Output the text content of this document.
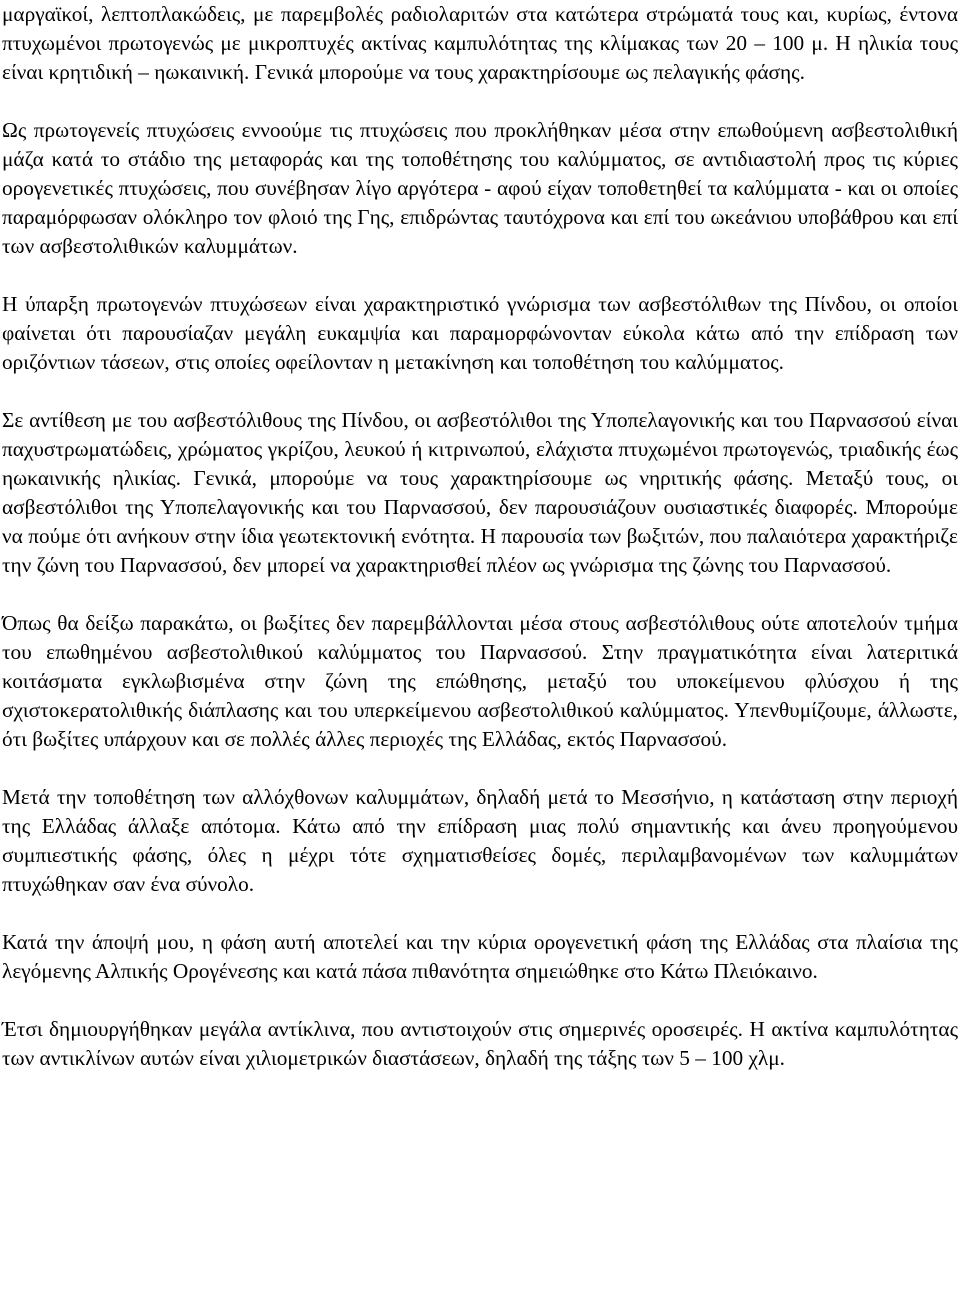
μαργαϊκοί, λεπτοπλακώδεις, με παρεμβολές ραδιολαριτών στα κατώτερα στρώματά τους και, κυρίως, έντονα πτυχωμένοι πρωτογενώς με μικροπτυχές ακτίνας καμπυλότητας της κλίμακας των 20 – 100 μ. Η ηλικία τους είναι κρητιδική – ηωκαινική. Γενικά μπορούμε να τους χαρακτηρίσουμε ως πελαγικής φάσης.

Ως πρωτογενείς πτυχώσεις εννοούμε τις πτυχώσεις που προκλήθηκαν μέσα στην επωθούμενη ασβεστολιθική μάζα κατά το στάδιο της μεταφοράς και της τοποθέτησης του καλύμματος, σε αντιδιαστολή προς τις κύριες ορογενετικές πτυχώσεις, που συνέβησαν λίγο αργότερα - αφού είχαν τοποθετηθεί τα καλύμματα - και οι οποίες παραμόρφωσαν ολόκληρο τον φλοιό της Γης, επιδρώντας ταυτόχρονα και επί του ωκεάνιου υποβάθρου και επί των ασβεστολιθικών καλυμμάτων.

Η ύπαρξη πρωτογενών πτυχώσεων είναι χαρακτηριστικό γνώρισμα των ασβεστόλιθων της Πίνδου, οι οποίοι φαίνεται ότι παρουσίαζαν μεγάλη ευκαμψία και παραμορφώνονταν εύκολα κάτω από την επίδραση των οριζόντιων τάσεων, στις οποίες οφείλονταν η μετακίνηση και τοποθέτηση του καλύμματος.

Σε αντίθεση με του ασβεστόλιθους της Πίνδου, οι ασβεστόλιθοι της Υποπελαγονικής και του Παρνασσού είναι παχυστρωματώδεις, χρώματος γκρίζου, λευκού ή κιτρινωπού, ελάχιστα πτυχωμένοι πρωτογενώς, τριαδικής έως ηωκαινικής ηλικίας. Γενικά, μπορούμε να τους χαρακτηρίσουμε ως νηριτικής φάσης. Μεταξύ τους, οι ασβεστόλιθοι της Υποπελαγονικής και του Παρνασσού, δεν παρουσιάζουν ουσιαστικές διαφορές. Μπορούμε να πούμε ότι ανήκουν στην ίδια γεωτεκτονική ενότητα. Η παρουσία των βωξιτών, που παλαιότερα χαρακτήριζε την ζώνη του Παρνασσού, δεν μπορεί να χαρακτηρισθεί πλέον ως γνώρισμα της ζώνης του Παρνασσού.

Όπως θα δείξω παρακάτω, οι βωξίτες δεν παρεμβάλλονται μέσα στους ασβεστόλιθους ούτε αποτελούν τμήμα του επωθημένου ασβεστολιθικού καλύμματος του Παρνασσού. Στην πραγματικότητα είναι λατεριτικά κοιτάσματα εγκλωβισμένα στην ζώνη της επώθησης, μεταξύ του υποκείμενου φλύσχου ή της σχιστοκερατολιθικής διάπλασης και του υπερκείμενου ασβεστολιθικού καλύμματος. Υπενθυμίζουμε, άλλωστε, ότι βωξίτες υπάρχουν και σε πολλές άλλες περιοχές της Ελλάδας, εκτός Παρνασσού.

Μετά την τοποθέτηση των αλλόχθονων καλυμμάτων, δηλαδή μετά το Μεσσήνιο, η κατάσταση στην περιοχή της Ελλάδας άλλαξε απότομα. Κάτω από την επίδραση μιας πολύ σημαντικής και άνευ προηγούμενου συμπιεστικής φάσης, όλες η μέχρι τότε σχηματισθείσες δομές, περιλαμβανομένων των καλυμμάτων πτυχώθηκαν σαν ένα σύνολο.

Κατά την άποψή μου, η φάση αυτή αποτελεί και την κύρια ορογενετική φάση της Ελλάδας στα πλαίσια της λεγόμενης Αλπικής Ορογένεσης και κατά πάσα πιθανότητα σημειώθηκε στο Κάτω Πλειόκαινο.

Έτσι δημιουργήθηκαν μεγάλα αντίκλινα, που αντιστοιχούν στις σημερινές οροσειρές. Η ακτίνα καμπυλότητας των αντικλίνων αυτών είναι χιλιομετρικών διαστάσεων, δηλαδή της τάξης των 5 – 100 χλμ.
